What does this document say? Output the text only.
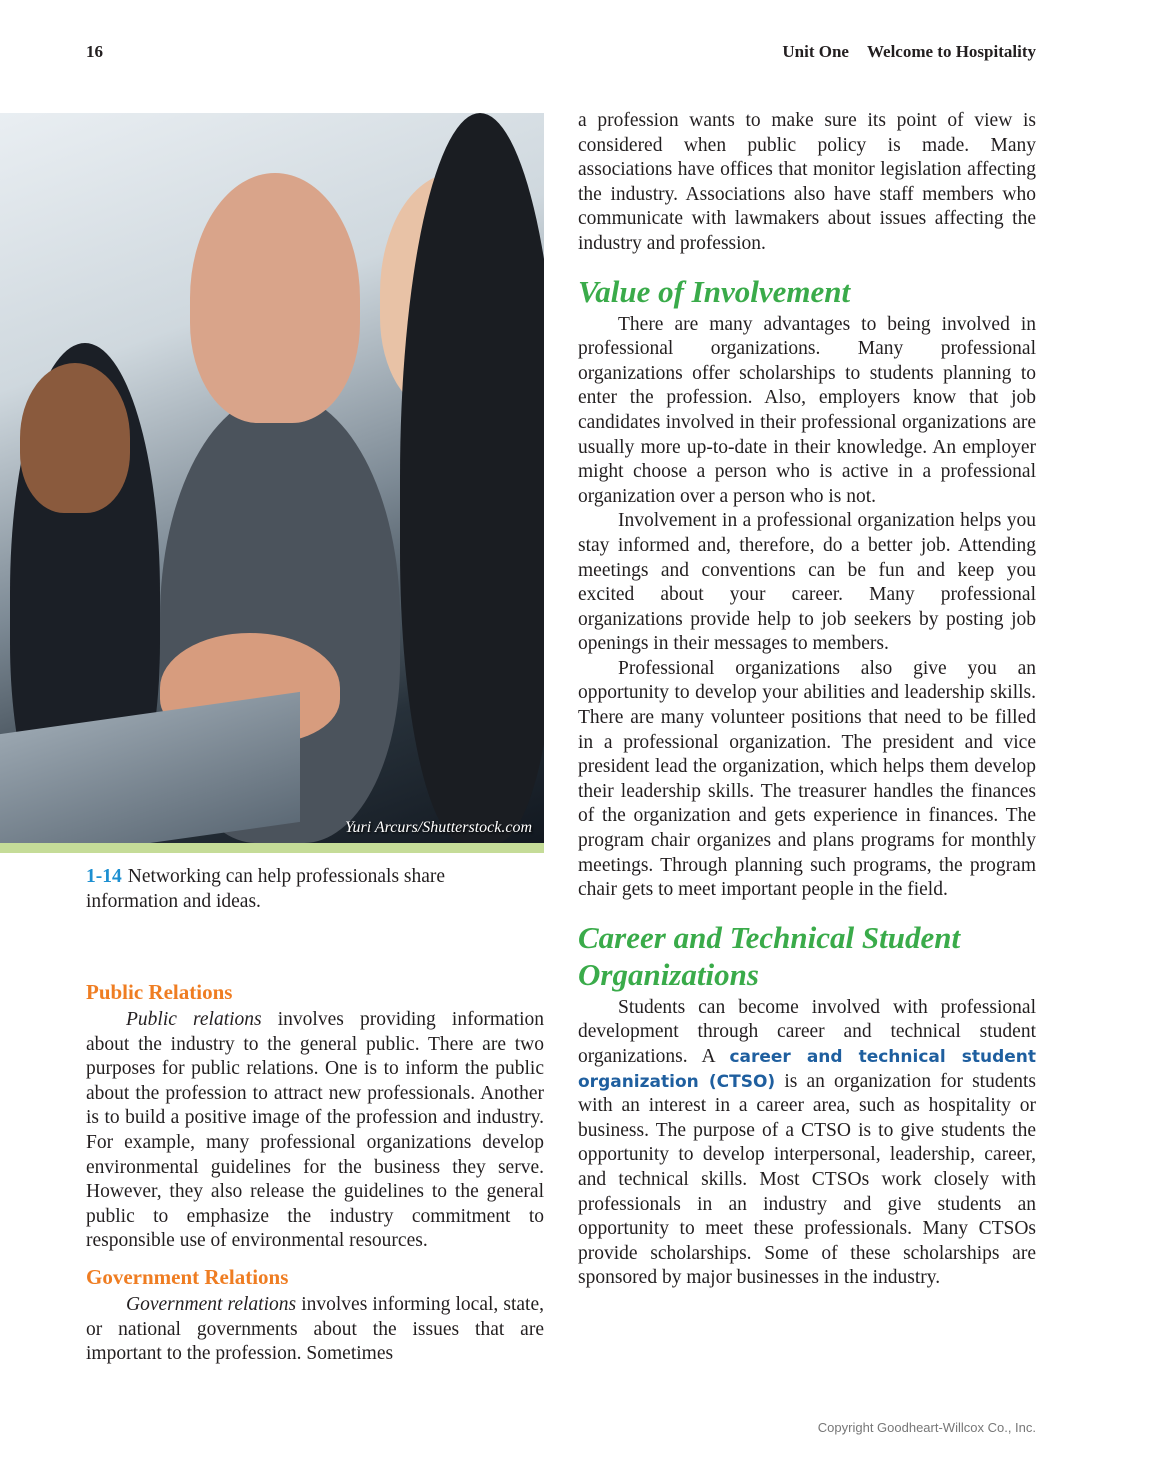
16	Unit One Welcome to Hospitality
Yuri Arcurs/Shutterstock.com
1-14 Networking can help professionals share information and ideas.
Public Relations

Public relations involves providing information about the industry to the general public. There are two purposes for public relations. One is to inform the public about the profession to attract new professionals. Another is to build a positive image of the profession and industry. For example, many professional organizations develop environmental guidelines for the business they serve. However, they also release the guidelines to the general public to emphasize the industry commitment to responsible use of environmental resources.

Government Relations

Government relations involves informing local, state, or national governments about the issues that are important to the profession. Sometimes

a profession wants to make sure its point of view is considered when public policy is made. Many associations have offices that monitor legislation affecting the industry. Associations also have staff members who communicate with lawmakers about issues affecting the industry and profession.

Value of Involvement

There are many advantages to being involved in professional organizations. Many professional organizations offer scholarships to students planning to enter the profession. Also, employers know that job candidates involved in their professional organizations are usually more up-to-date in their knowledge. An employer might choose a person who is active in a professional organization over a person who is not.

Involvement in a professional organization helps you stay informed and, therefore, do a better job. Attending meetings and conventions can be fun and keep you excited about your career. Many professional organizations provide help to job seekers by posting job openings in their messages to members.

Professional organizations also give you an opportunity to develop your abilities and leadership skills. There are many volunteer positions that need to be filled in a professional organization. The president and vice president lead the organization, which helps them develop their leadership skills. The treasurer handles the finances of the organization and gets experience in finances. The program chair organizes and plans programs for monthly meetings. Through planning such programs, the program chair gets to meet important people in the field.

Career and Technical Student Organizations

Students can become involved with professional development through career and technical student organizations. A career and technical student organization (CTSO) is an organization for students with an interest in a career area, such as hospitality or business. The purpose of a CTSO is to give students the opportunity to develop interpersonal, leadership, career, and technical skills. Most CTSOs work closely with professionals in an industry and give students an opportunity to meet these professionals. Many CTSOs provide scholarships. Some of these scholarships are sponsored by major businesses in the industry.

Copyright Goodheart-Willcox Co., Inc.
